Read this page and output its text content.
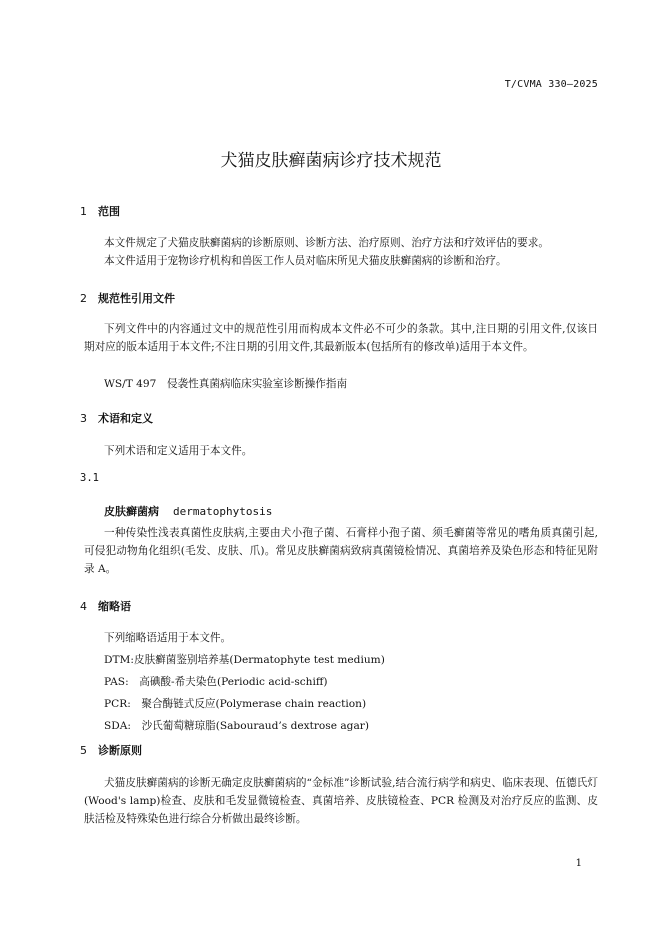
T/CVMA 330—2025
犬猫皮肤癣菌病诊疗技术规范
1 范围
本文件规定了犬猫皮肤癣菌病的诊断原则、诊断方法、治疗原则、治疗方法和疗效评估的要求。
本文件适用于宠物诊疗机构和兽医工作人员对临床所见犬猫皮肤癣菌病的诊断和治疗。
2 规范性引用文件
下列文件中的内容通过文中的规范性引用而构成本文件必不可少的条款。其中,注日期的引用文件,仅该日期对应的版本适用于本文件;不注日期的引用文件,其最新版本(包括所有的修改单)适用于本文件。
WS/T 497　侵袭性真菌病临床实验室诊断操作指南
3 术语和定义
下列术语和定义适用于本文件。
3.1
皮肤癣菌病 dermatophytosis
一种传染性浅表真菌性皮肤病,主要由犬小孢子菌、石膏样小孢子菌、须毛癣菌等常见的嗜角质真菌引起,可侵犯动物角化组织(毛发、皮肤、爪)。常见皮肤癣菌病致病真菌镜检情况、真菌培养及染色形态和特征见附录 A。
4 缩略语
下列缩略语适用于本文件。
DTM:皮肤癣菌鉴别培养基(Dermatophyte test medium)
PAS:　高碘酸-希夫染色(Periodic acid-schiff)
PCR:　聚合酶链式反应(Polymerase chain reaction)
SDA:　沙氏葡萄糖琼脂(Sabouraud’s dextrose agar)
5 诊断原则
犬猫皮肤癣菌病的诊断无确定皮肤癣菌病的“金标准”诊断试验,结合流行病学和病史、临床表现、伍德氏灯(Wood's lamp)检查、皮肤和毛发显微镜检查、真菌培养、皮肤镜检查、PCR 检测及对治疗反应的监测、皮肤活检及特殊染色进行综合分析做出最终诊断。
1
